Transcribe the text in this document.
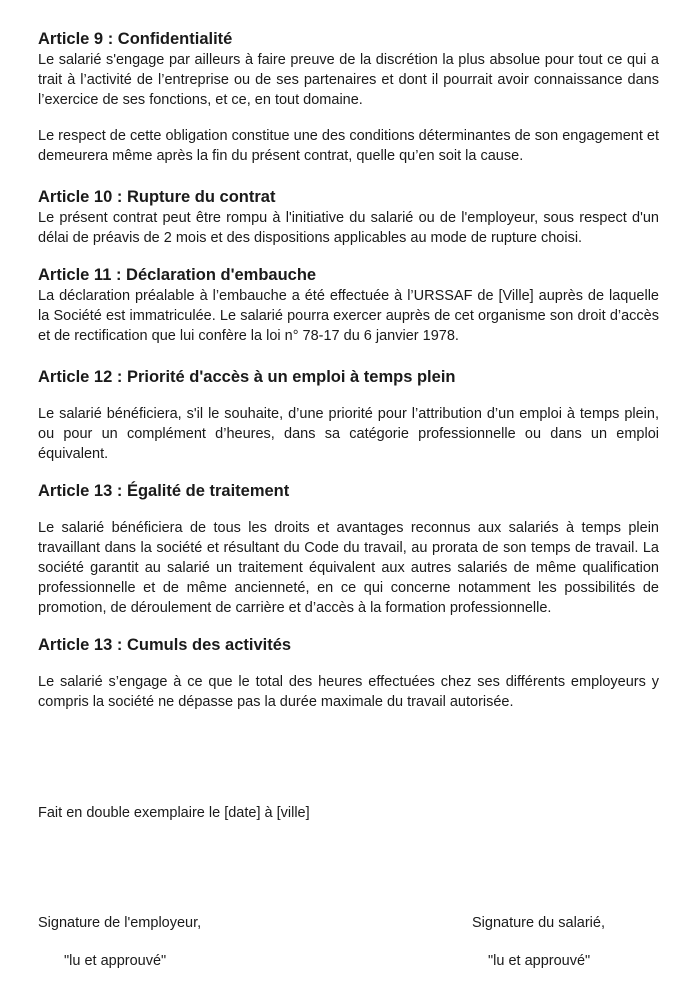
Article 9 : Confidentialité

Le salarié s'engage par ailleurs à faire preuve de la discrétion la plus absolue pour tout ce qui a trait à l’activité de l’entreprise ou de ses partenaires et dont il pourrait avoir connaissance dans l’exercice de ses fonctions, et ce, en tout domaine.

Le respect de cette obligation constitue une des conditions déterminantes de son engagement et demeurera même après la fin du présent contrat, quelle qu’en soit la cause.

Article 10 : Rupture du contrat

Le présent contrat peut être rompu à l'initiative du salarié ou de l'employeur, sous respect d'un délai de préavis de 2 mois et des dispositions applicables au mode de rupture choisi.

Article 11 : Déclaration d'embauche

La déclaration préalable à l’embauche a été effectuée à l’URSSAF de [Ville] auprès de laquelle la Société est immatriculée. Le salarié pourra exercer auprès de cet organisme son droit d’accès et de rectification que lui confère la loi n° 78-17 du 6 janvier 1978.

Article 12 : Priorité d'accès à un emploi à temps plein

Le salarié bénéficiera, s'il le souhaite, d’une priorité pour l’attribution d’un emploi à temps plein, ou pour un complément d’heures, dans sa catégorie professionnelle ou dans un emploi équivalent.

Article 13 : Égalité de traitement

Le salarié bénéficiera de tous les droits et avantages reconnus aux salariés à temps plein travaillant dans la société et résultant du Code du travail, au prorata de son temps de travail. La société garantit au salarié un traitement équivalent aux autres salariés de même qualification professionnelle et de même ancienneté, en ce qui concerne notamment les possibilités de promotion, de déroulement de carrière et d’accès à la formation professionnelle.

Article 13 : Cumuls des activités

Le salarié s’engage à ce que le total des heures effectuées chez ses différents employeurs y compris la société ne dépasse pas la durée maximale du travail autorisée.

Fait en double exemplaire le [date] à [ville]
Signature de l'employeur,
"lu et approuvé"
Signature du salarié,
"lu et approuvé"
